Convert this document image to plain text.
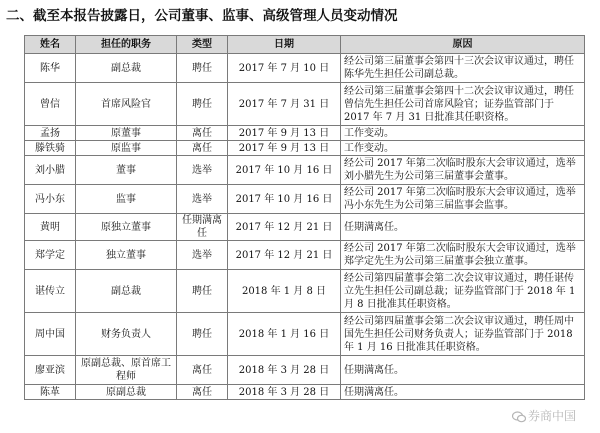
二、截至本报告披露日，公司董事、监事、高级管理人员变动情况
姓名	担任的职务	类型	日期	原因
陈华	副总裁	聘任	2017 年 7 月 10 日	经公司第三届董事会第四十三次会议审议通过，聘任陈华先生担任公司副总裁。
曾信	首席风险官	聘任	2017 年 7 月 31 日	经公司第三届董事会第四十二次会议审议通过，聘任曾信先生担任公司首席风险官；证券监管部门于 2017 年 7 月 31 日批准其任职资格。
孟扬	原董事	离任	2017 年 9 月 13 日	工作变动。
滕铁骑	原监事	离任	2017 年 9 月 13 日	工作变动。
刘小腊	董事	选举	2017 年 10 月 16 日	经公司 2017 年第二次临时股东大会审议通过，选举刘小腊先生为公司第三届董事会董事。
冯小东	监事	选举	2017 年 10 月 16 日	经公司 2017 年第二次临时股东大会审议通过，选举冯小东先生为公司第三届监事会监事。
黄明	原独立董事	任期满离任	2017 年 12 月 21 日	任期满离任。
郑学定	独立董事	选举	2017 年 12 月 21 日	经公司 2017 年第二次临时股东大会审议通过，选举郑学定先生为公司第三届董事会独立董事。
谌传立	副总裁	聘任	2018 年 1 月 8 日	经公司第四届董事会第二次会议审议通过，聘任谌传立先生担任公司副总裁；证券监管部门于 2018 年 1 月 8 日批准其任职资格。
周中国	财务负责人	聘任	2018 年 1 月 16 日	经公司第四届董事会第二次会议审议通过，聘任周中国先生担任公司财务负责人；证券监管部门于 2018 年 1 月 16 日批准其任职资格。
廖亚滨	原副总裁、原首席工程师	离任	2018 年 3 月 28 日	任期满离任。
陈革	原副总裁	离任	2018 年 3 月 28 日	任期满离任。
券商中国
